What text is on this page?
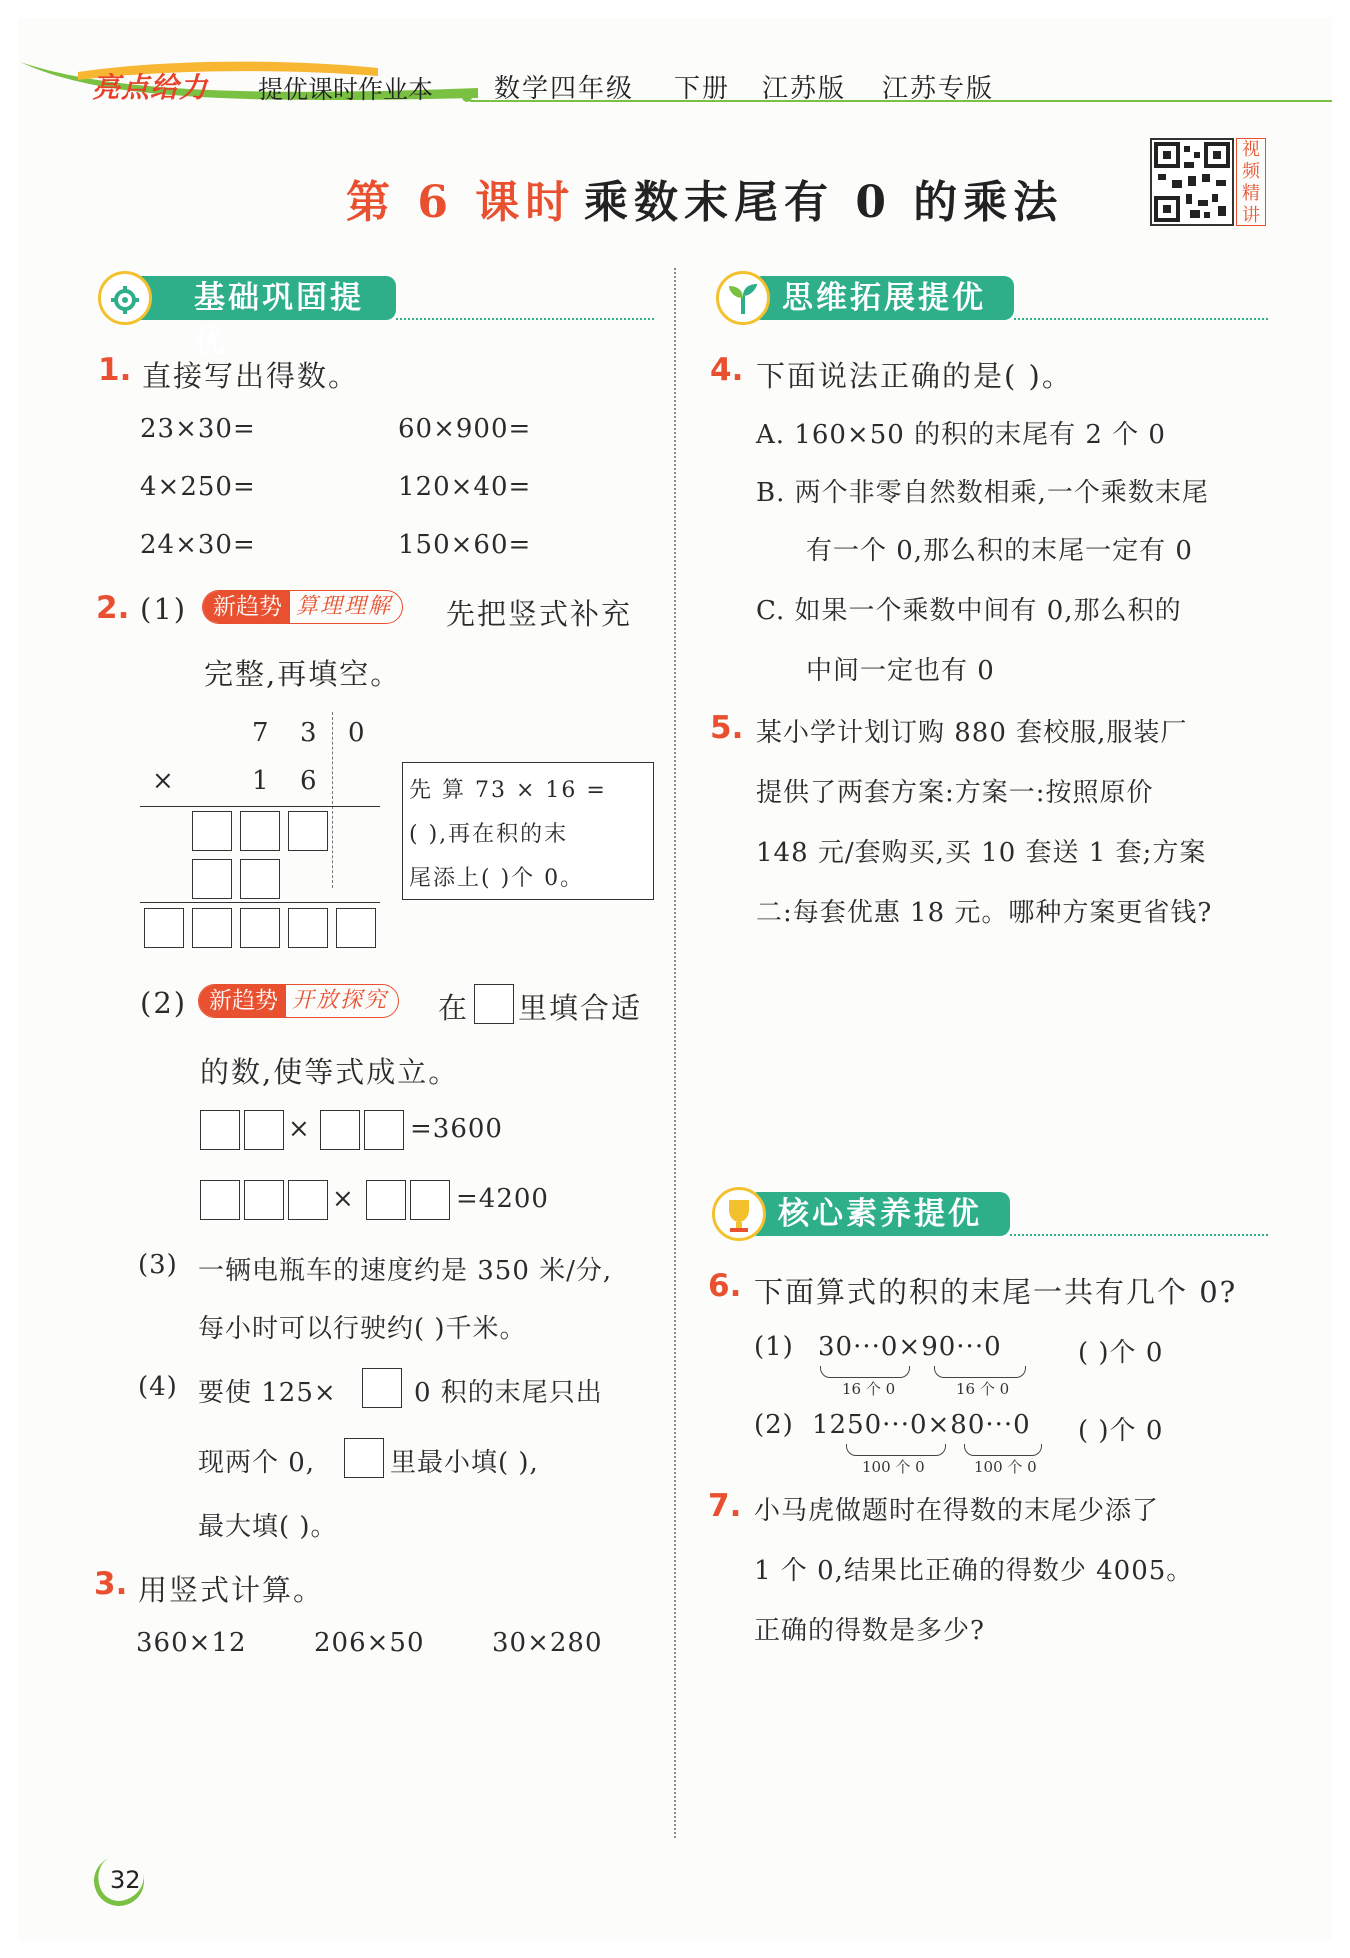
亮点给力 提优课时作业本 数学四年级 下册 江苏版 江苏专版
第 6 课时 乘数末尾有 0 的乘法
视频精讲
基础巩固提优
1. 直接写出得数。
23×30=	60×900=
4×250=	120×40=
24×30=	150×60=
2. (1)	新趋势 算理理解	先把竖式补充
完整,再填空。
7 3 0
×	1 6	先 算 73 × 16 =
( ),再在积的末
尾添上( )个 0。
(2) 新趋势 开放探究	在 里填合适
的数,使等式成立。
×	=3600
×	=4200
(3) 一辆电瓶车的速度约是 350 米/分,
每小时可以行驶约( )千米。
(4) 要使 125×	0 积的末尾只出
现两个 0,	里最小填( ),
最大填( )。
3. 用竖式计算。
360×12	206×50	30×280
思维拓展提优
4. 下面说法正确的是( )。
A. 160×50 的积的末尾有 2 个 0
B. 两个非零自然数相乘,一个乘数末尾
有一个 0,那么积的末尾一定有 0
C. 如果一个乘数中间有 0,那么积的
中间一定也有 0
5. 某小学计划订购 880 套校服,服装厂
提供了两套方案:方案一:按照原价
148 元/套购买,买 10 套送 1 套;方案
二:每套优惠 18 元。哪种方案更省钱?
核心素养提优
6. 下面算式的积的末尾一共有几个 0?
(1) 30···0×90···0
16 个 0	16 个 0
( )个 0
(2) 1250···0×80···0
100 个 0	100 个 0
( )个 0
7. 小马虎做题时在得数的末尾少添了
1 个 0,结果比正确的得数少 4005。
正确的得数是多少?
32
